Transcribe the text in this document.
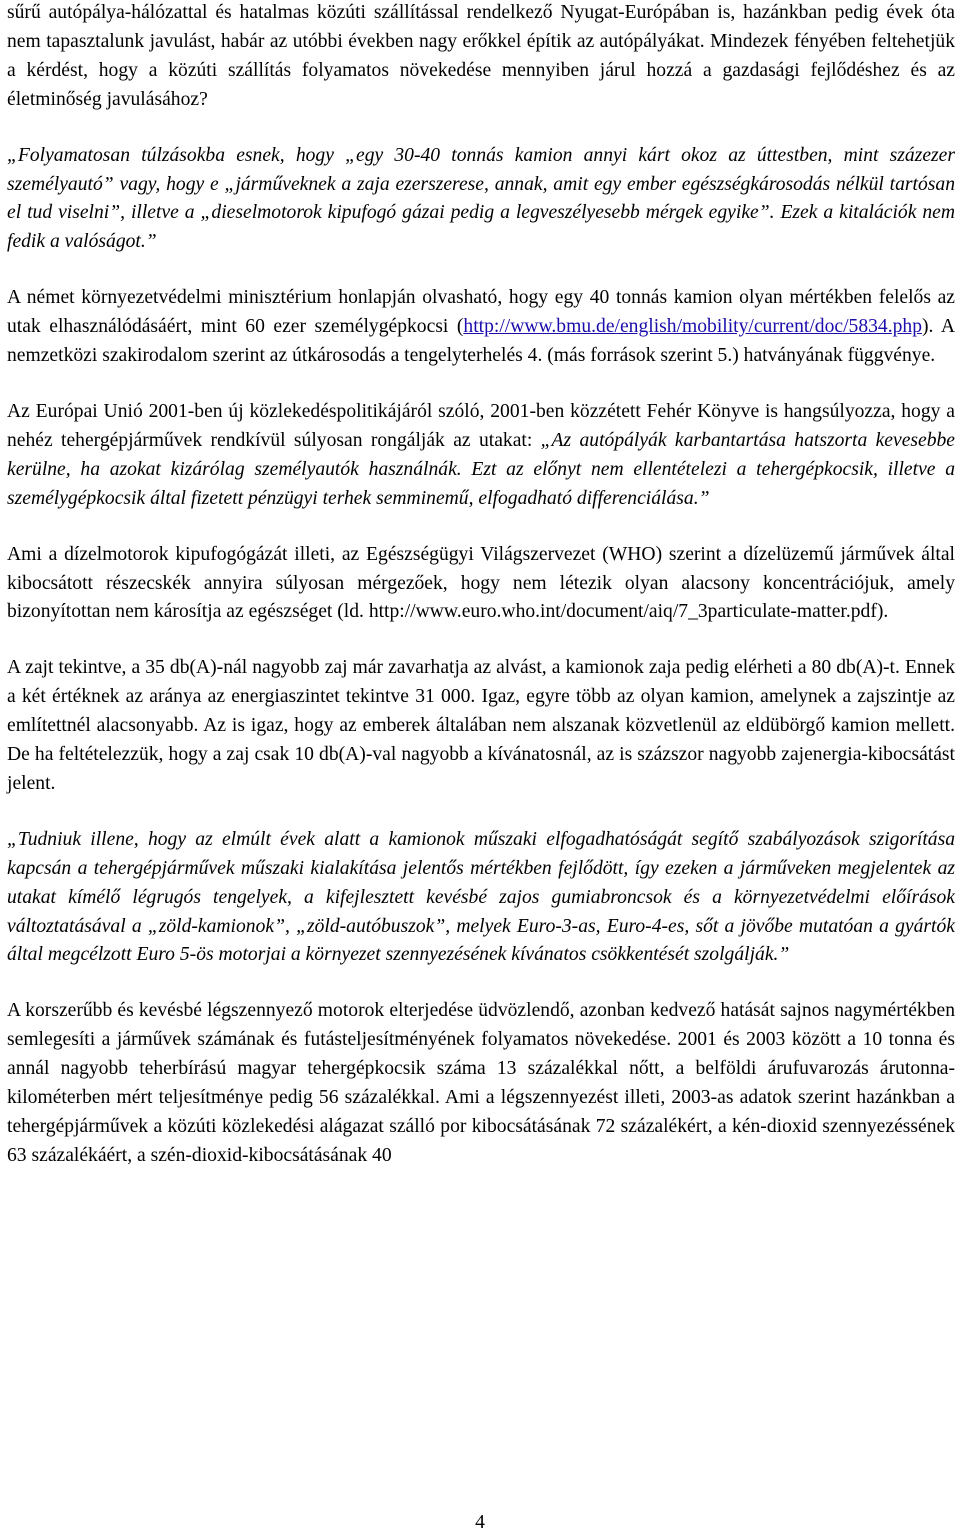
sűrű autópálya-hálózattal és hatalmas közúti szállítással rendelkező Nyugat-Európában is, hazánkban pedig évek óta nem tapasztalunk javulást, habár az utóbbi években nagy erőkkel építik az autópályákat. Mindezek fényében feltehetjük a kérdést, hogy a közúti szállítás folyamatos növekedése mennyiben járul hozzá a gazdasági fejlődéshez és az életminőség javulásához?

„Folyamatosan túlzásokba esnek, hogy „egy 30-40 tonnás kamion annyi kárt okoz az úttestben, mint százezer személyautó” vagy, hogy e „járműveknek a zaja ezerszerese, annak, amit egy ember egészségkárosodás nélkül tartósan el tud viselni”, illetve a „dieselmotorok kipufogó gázai pedig a legveszélyesebb mérgek egyike”. Ezek a kitalációk nem fedik a valóságot.”

A német környezetvédelmi minisztérium honlapján olvasható, hogy egy 40 tonnás kamion olyan mértékben felelős az utak elhasználódásáért, mint 60 ezer személygépkocsi (http://www.bmu.de/english/mobility/current/doc/5834.php). A nemzetközi szakirodalom szerint az útkárosodás a tengelyterhelés 4. (más források szerint 5.) hatványának függvénye.

Az Európai Unió 2001-ben új közlekedéspolitikájáról szóló, 2001-ben közzétett Fehér Könyve is hangsúlyozza, hogy a nehéz tehergépjárművek rendkívül súlyosan rongálják az utakat: „Az autópályák karbantartása hatszorta kevesebbe kerülne, ha azokat kizárólag személyautók használnák. Ezt az előnyt nem ellentételezi a tehergépkocsik, illetve a személygépkocsik által fizetett pénzügyi terhek semminemű, elfogadható differenciálása.”

Ami a dízelmotorok kipufogógázát illeti, az Egészségügyi Világszervezet (WHO) szerint a dízelüzemű járművek által kibocsátott részecskék annyira súlyosan mérgezőek, hogy nem létezik olyan alacsony koncentrációjuk, amely bizonyítottan nem károsítja az egészséget (ld. http://www.euro.who.int/document/aiq/7_3particulate-matter.pdf).

A zajt tekintve, a 35 db(A)-nál nagyobb zaj már zavarhatja az alvást, a kamionok zaja pedig elérheti a 80 db(A)-t. Ennek a két értéknek az aránya az energiaszintet tekintve 31 000. Igaz, egyre több az olyan kamion, amelynek a zajszintje az említettnél alacsonyabb. Az is igaz, hogy az emberek általában nem alszanak közvetlenül az eldübörgő kamion mellett. De ha feltételezzük, hogy a zaj csak 10 db(A)-val nagyobb a kívánatosnál, az is százszor nagyobb zajenergia-kibocsátást jelent.

„Tudniuk illene, hogy az elmúlt évek alatt a kamionok műszaki elfogadhatóságát segítő szabályozások szigorítása kapcsán a tehergépjárművek műszaki kialakítása jelentős mértékben fejlődött, így ezeken a járműveken megjelentek az utakat kímélő légrugós tengelyek, a kifejlesztett kevésbé zajos gumiabroncsok és a környezetvédelmi előírások változtatásával a „zöld-kamionok”, „zöld-autóbuszok”, melyek Euro-3-as, Euro-4-es, sőt a jövőbe mutatóan a gyártók által megcélzott Euro 5-ös motorjai a környezet szennyezésének kívánatos csökkentését szolgálják.”

A korszerűbb és kevésbé légszennyező motorok elterjedése üdvözlendő, azonban kedvező hatását sajnos nagymértékben semlegesíti a járművek számának és futásteljesítményének folyamatos növekedése. 2001 és 2003 között a 10 tonna és annál nagyobb teherbírású magyar tehergépkocsik száma 13 százalékkal nőtt, a belföldi árufuvarozás árutonna-kilométerben mért teljesítménye pedig 56 százalékkal. Ami a légszennyezést illeti, 2003-as adatok szerint hazánkban a tehergépjárművek a közúti közlekedési alágazat szálló por kibocsátásának 72 százalékért, a kén-dioxid szennyezéssének 63 százalékáért, a szén-dioxid-kibocsátásának 40

4
